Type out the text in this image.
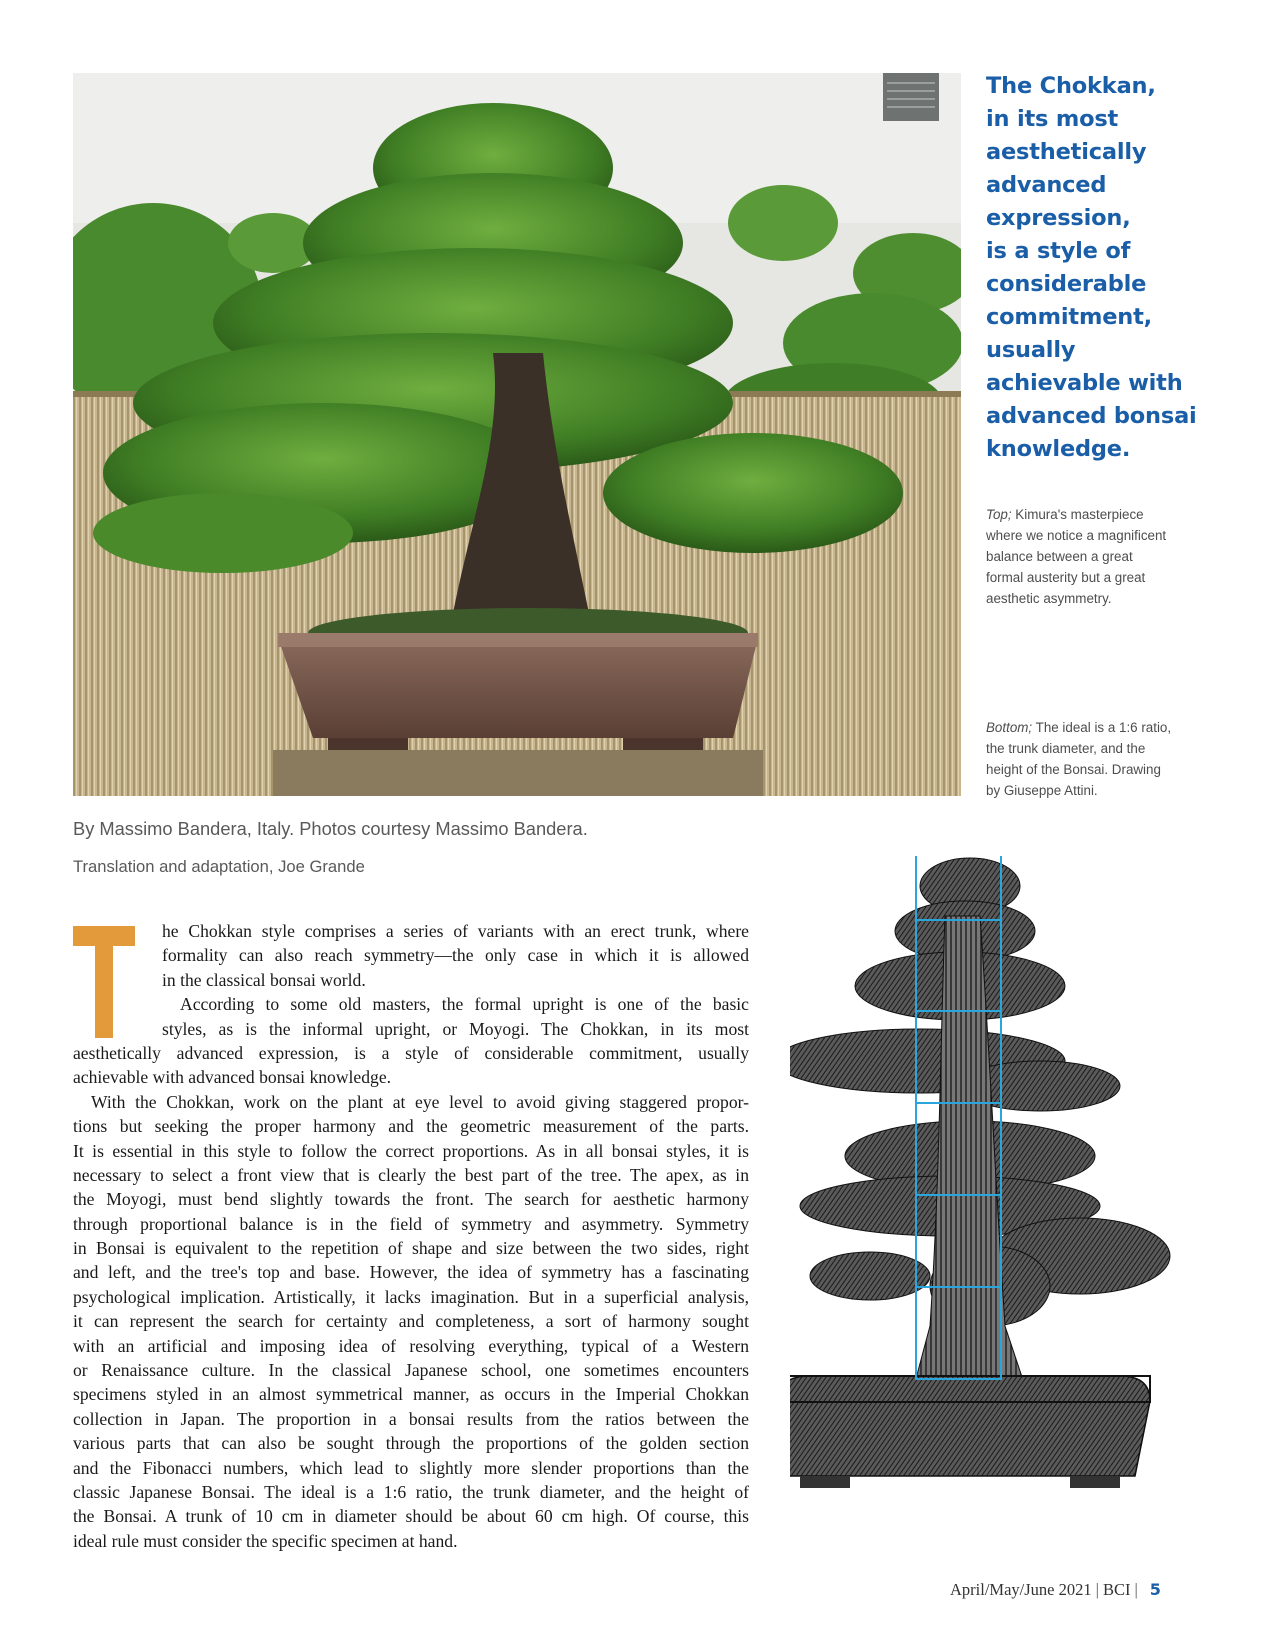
The Chokkan,
in its most
aesthetically
advanced
expression,
is a style of
considerable
commitment,
usually
achievable with
advanced bonsai
knowledge.
Top; Kimura's masterpiece
where we notice a magnificent
balance between a great
formal austerity but a great
aesthetic asymmetry.
Bottom; The ideal is a 1:6 ratio,
the trunk diameter, and the
height of the Bonsai. Drawing
by Giuseppe Attini.
By Massimo Bandera, Italy. Photos courtesy Massimo Bandera.
Translation and adaptation, Joe Grande
he Chokkan style comprises a series of variants with an erect trunk, where
formality can also reach symmetry—the only case in which it is allowed
in the classical bonsai world.
According to some old masters, the formal upright is one of the basic
styles, as is the informal upright, or Moyogi. The Chokkan, in its most
aesthetically advanced expression, is a style of considerable commitment, usually
achievable with advanced bonsai knowledge.
With the Chokkan, work on the plant at eye level to avoid giving staggered propor-
tions but seeking the proper harmony and the geometric measurement of the parts.
It is essential in this style to follow the correct proportions. As in all bonsai styles, it is
necessary to select a front view that is clearly the best part of the tree. The apex, as in
the Moyogi, must bend slightly towards the front. The search for aesthetic harmony
through proportional balance is in the field of symmetry and asymmetry. Symmetry
in Bonsai is equivalent to the repetition of shape and size between the two sides, right
and left, and the tree's top and base. However, the idea of symmetry has a fascinating
psychological implication. Artistically, it lacks imagination. But in a superficial analysis,
it can represent the search for certainty and completeness, a sort of harmony sought
with an artificial and imposing idea of resolving everything, typical of a Western
or Renaissance culture. In the classical Japanese school, one sometimes encounters
specimens styled in an almost symmetrical manner, as occurs in the Imperial Chokkan
collection in Japan. The proportion in a bonsai results from the ratios between the
various parts that can also be sought through the proportions of the golden section
and the Fibonacci numbers, which lead to slightly more slender proportions than the
classic Japanese Bonsai. The ideal is a 1:6 ratio, the trunk diameter, and the height of
the Bonsai. A trunk of 10 cm in diameter should be about 60 cm high. Of course, this
ideal rule must consider the specific specimen at hand.
April/May/June 2021 | BCI | 5
